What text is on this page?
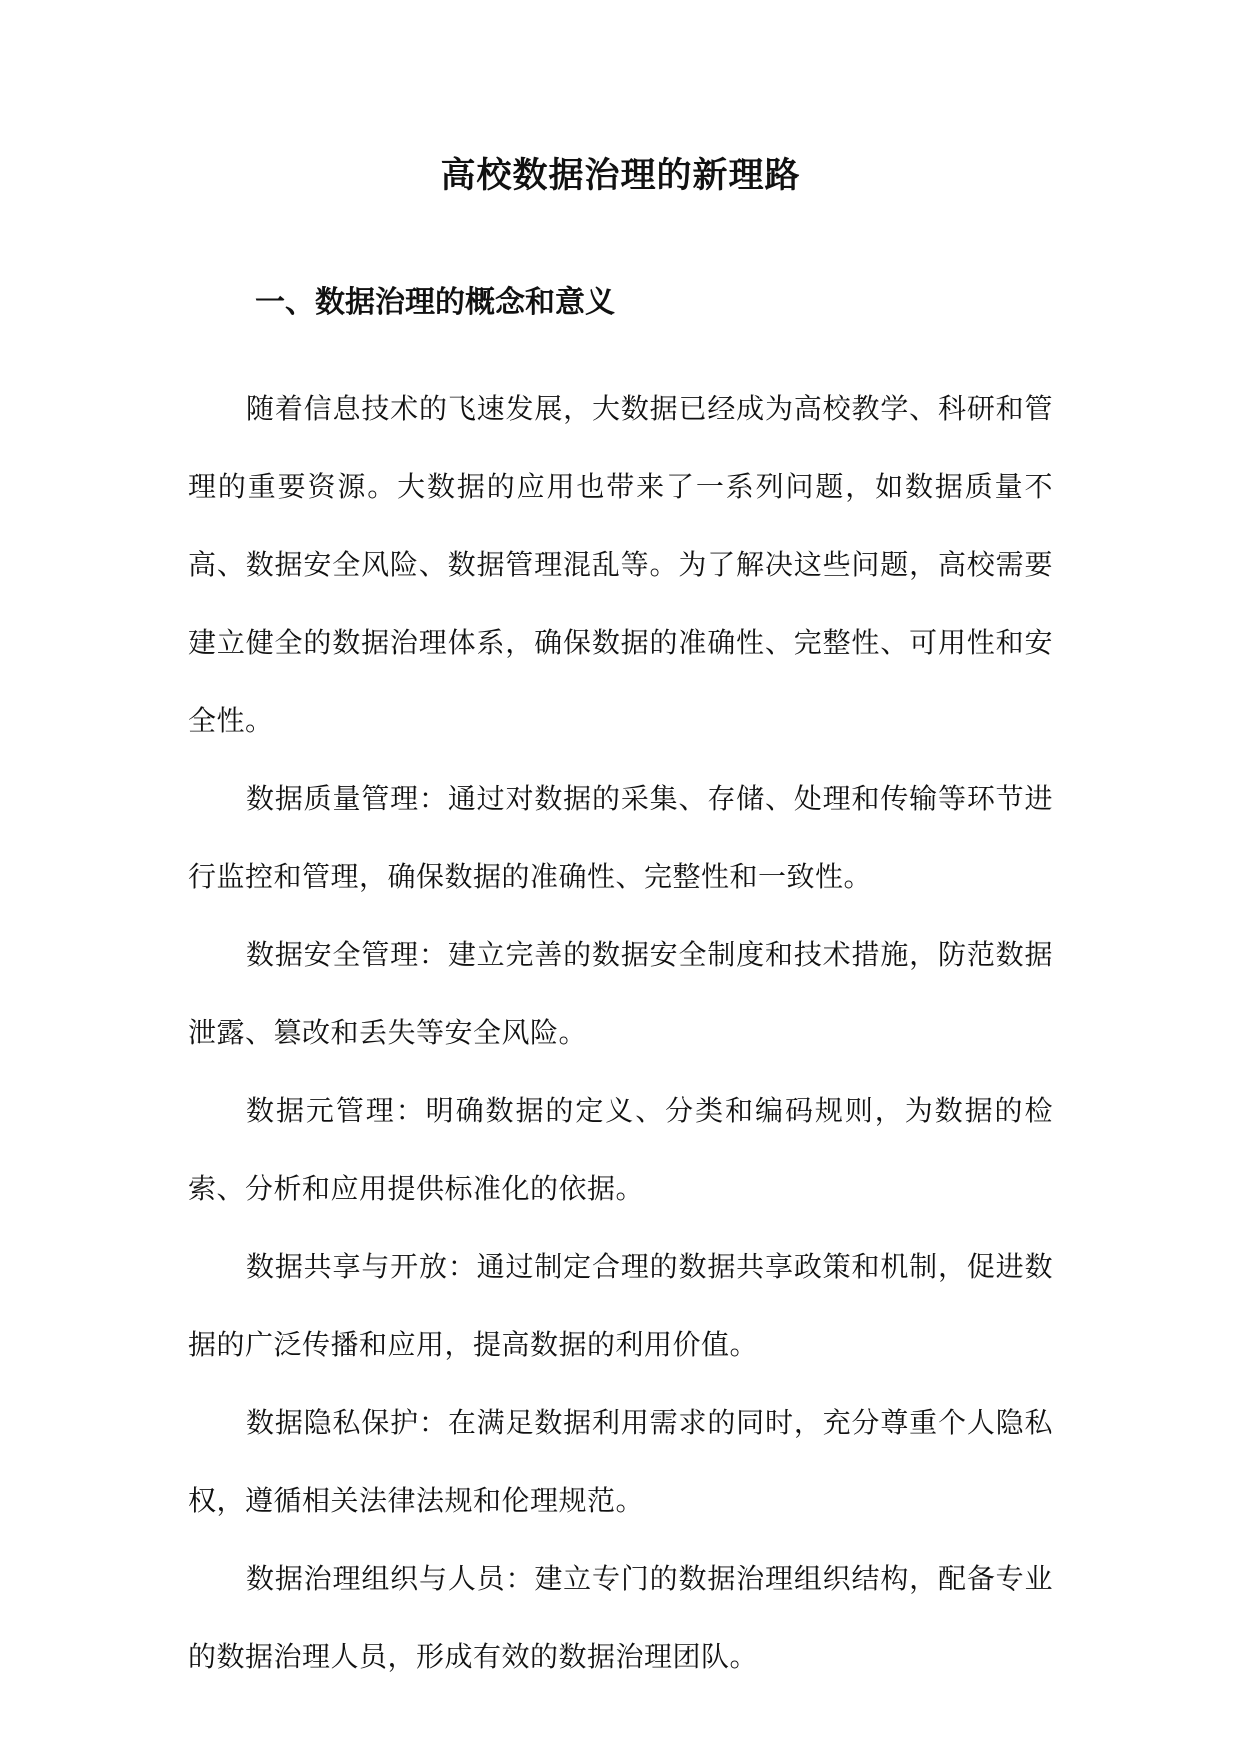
高校数据治理的新理路
一、数据治理的概念和意义

随着信息技术的飞速发展，大数据已经成为高校教学、科研和管理的重要资源。大数据的应用也带来了一系列问题，如数据质量不高、数据安全风险、数据管理混乱等。为了解决这些问题，高校需要建立健全的数据治理体系，确保数据的准确性、完整性、可用性和安全性。

数据质量管理：通过对数据的采集、存储、处理和传输等环节进行监控和管理，确保数据的准确性、完整性和一致性。

数据安全管理：建立完善的数据安全制度和技术措施，防范数据泄露、篡改和丢失等安全风险。

数据元管理：明确数据的定义、分类和编码规则，为数据的检索、分析和应用提供标准化的依据。

数据共享与开放：通过制定合理的数据共享政策和机制，促进数据的广泛传播和应用，提高数据的利用价值。

数据隐私保护：在满足数据利用需求的同时，充分尊重个人隐私权，遵循相关法律法规和伦理规范。

数据治理组织与人员：建立专门的数据治理组织结构，配备专业的数据治理人员，形成有效的数据治理团队。
